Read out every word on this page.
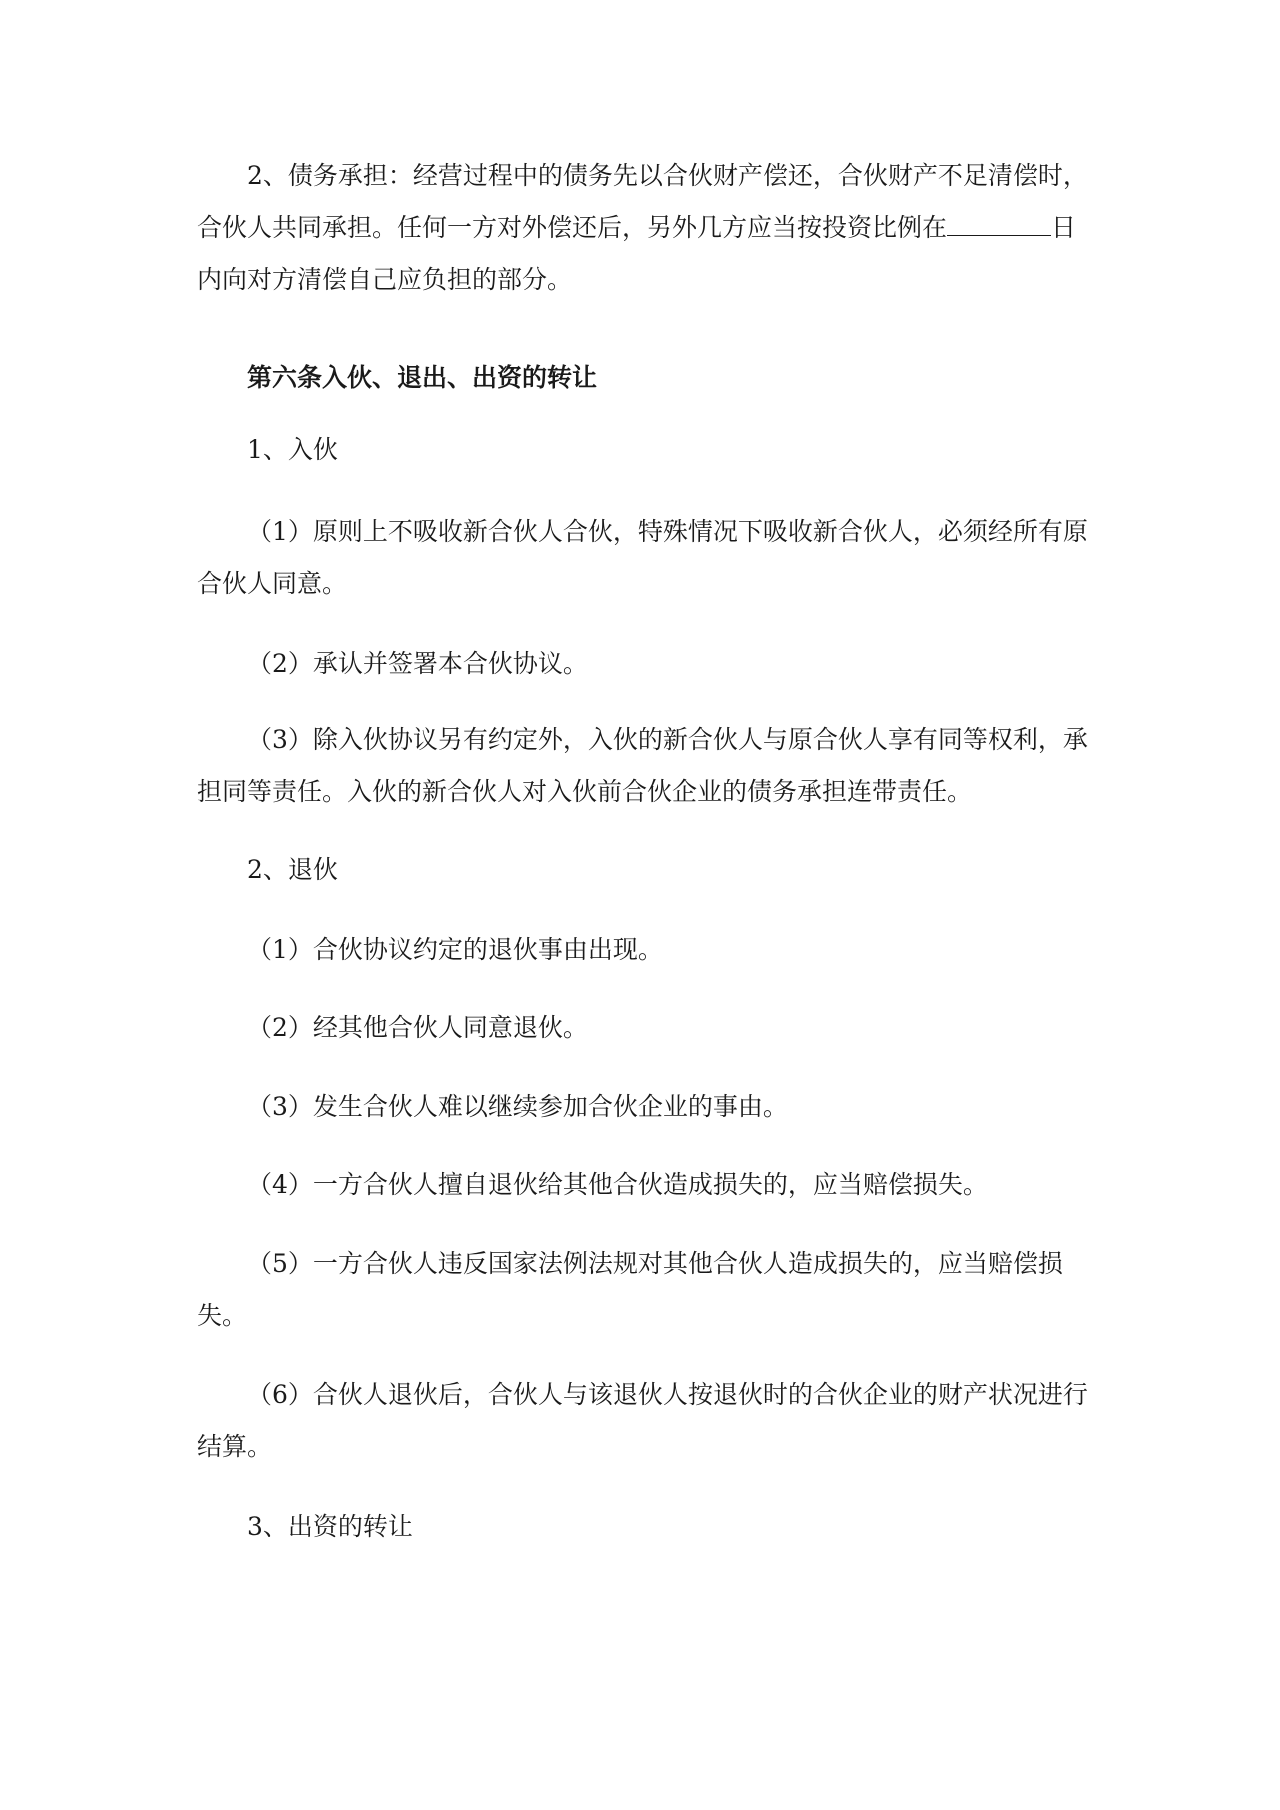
2、债务承担：经营过程中的债务先以合伙财产偿还，合伙财产不足清偿时，合伙人共同承担。任何一方对外偿还后，另外几方应当按投资比例在	日内向对方清偿自己应负担的部分。

第六条入伙、退出、出资的转让

1、入伙

（1）原则上不吸收新合伙人合伙，特殊情况下吸收新合伙人，必须经所有原合伙人同意。

（2）承认并签署本合伙协议。

（3）除入伙协议另有约定外，入伙的新合伙人与原合伙人享有同等权利，承担同等责任。入伙的新合伙人对入伙前合伙企业的债务承担连带责任。

2、退伙

（1）合伙协议约定的退伙事由出现。

（2）经其他合伙人同意退伙。

（3）发生合伙人难以继续参加合伙企业的事由。

（4）一方合伙人擅自退伙给其他合伙造成损失的，应当赔偿损失。

（5）一方合伙人违反国家法例法规对其他合伙人造成损失的，应当赔偿损失。

（6）合伙人退伙后，合伙人与该退伙人按退伙时的合伙企业的财产状况进行结算。

3、出资的转让
